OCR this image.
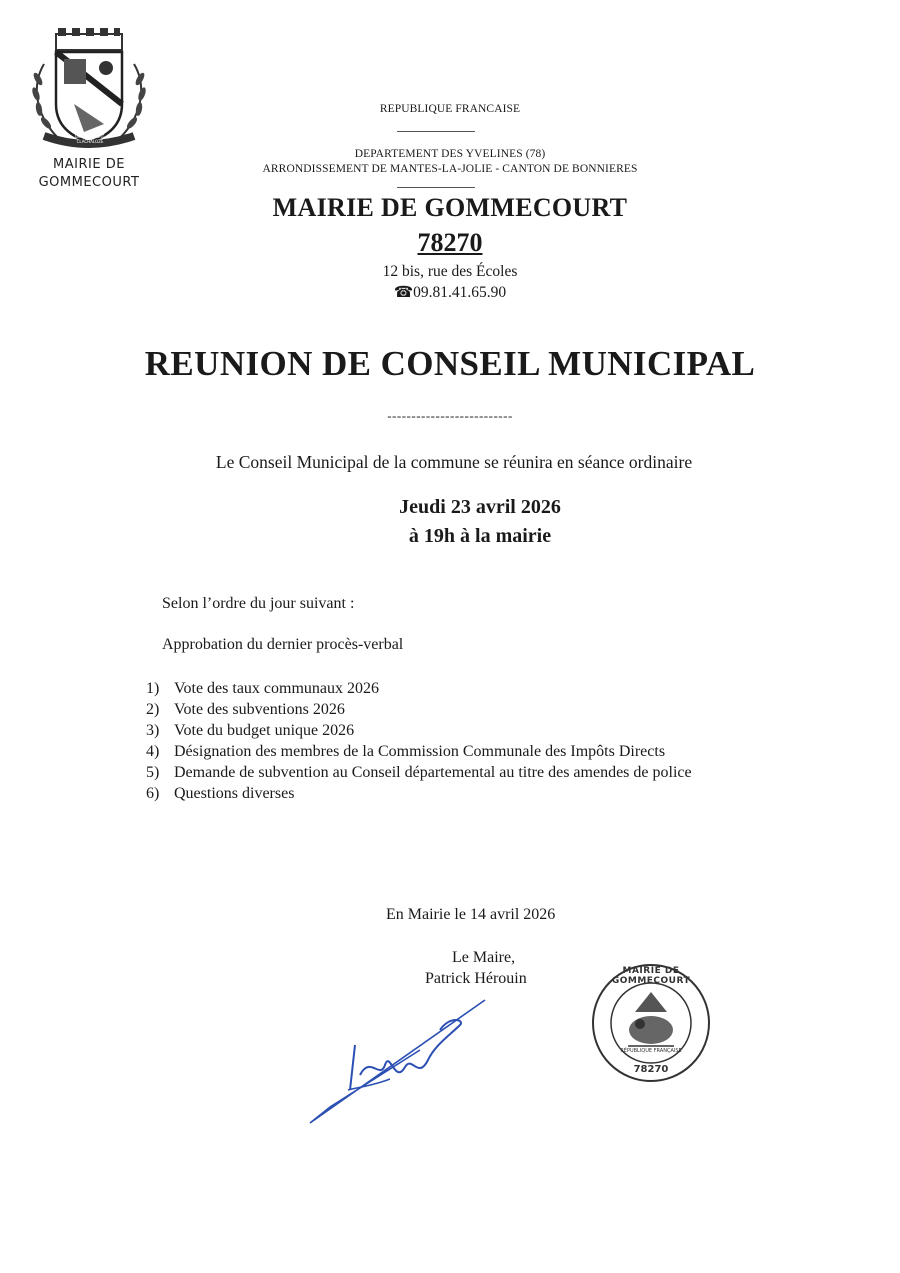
GOMMECOURT-CLACHALOZE
MAIRIE DE
GOMMECOURT
REPUBLIQUE FRANCAISE
DEPARTEMENT DES YVELINES (78)
ARRONDISSEMENT DE MANTES-LA-JOLIE - CANTON DE BONNIERES
MAIRIE DE GOMMECOURT
78270
12 bis, rue des Écoles
☎09.81.41.65.90
REUNION DE CONSEIL MUNICIPAL
--------------------------
Le Conseil Municipal de la commune se réunira en séance ordinaire
Jeudi 23 avril 2026
à 19h à la mairie
Selon l’ordre du jour suivant :
Approbation du dernier procès-verbal
1) Vote des taux communaux 2026
2) Vote des subventions 2026
3) Vote du budget unique 2026
4) Désignation des membres de la Commission Communale des Impôts Directs
5) Demande de subvention au Conseil départemental au titre des amendes de police
6) Questions diverses
En Mairie le 14 avril 2026
Le Maire,
Patrick Hérouin	MAIRIE DE GOMMECOURT
RÉPUBLIQUE FRANÇAISE
78270
